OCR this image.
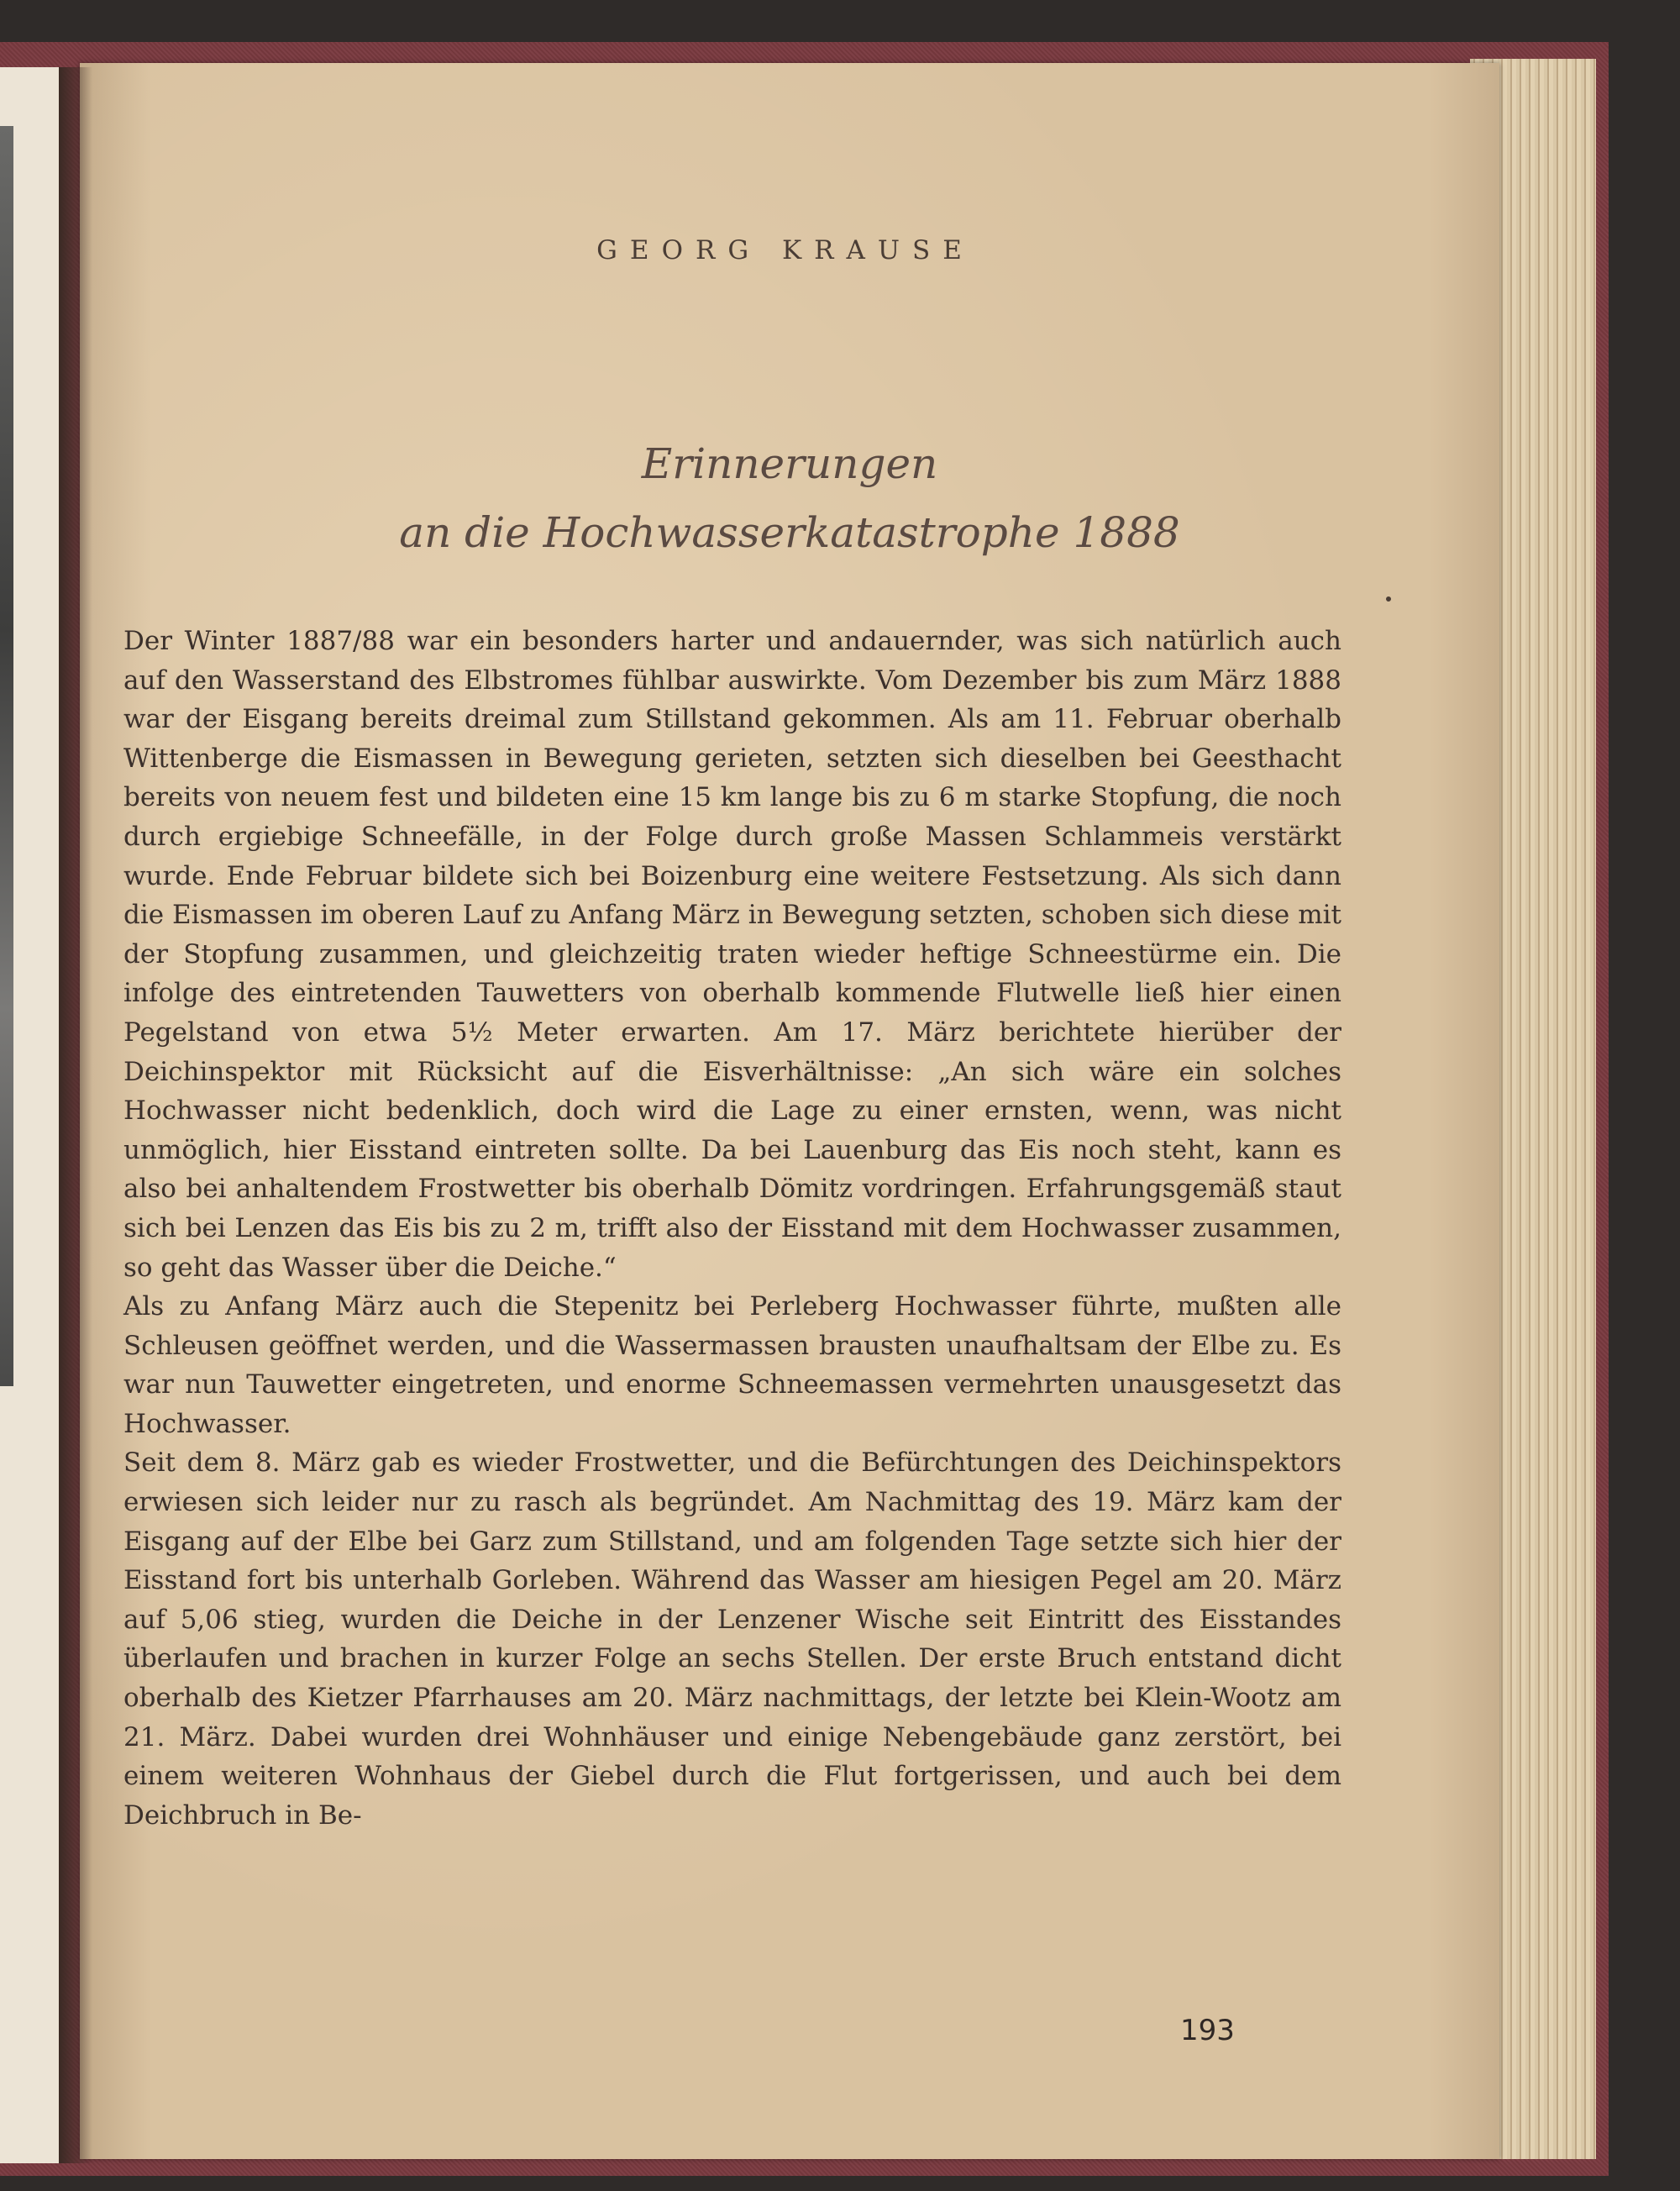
GEORG KRAUSE
Erinnerungen
an die Hochwasserkatastrophe 1888

Der Winter 1887/88 war ein besonders harter und andauernder, was sich natürlich auch auf den Wasserstand des Elbstromes fühlbar auswirkte. Vom Dezember bis zum März 1888 war der Eisgang bereits dreimal zum Stillstand gekommen. Als am 11. Februar oberhalb Wittenberge die Eismassen in Bewegung gerieten, setzten sich dieselben bei Geesthacht bereits von neuem fest und bildeten eine 15 km lange bis zu 6 m starke Stopfung, die noch durch ergiebige Schneefälle, in der Folge durch große Massen Schlammeis verstärkt wurde. Ende Februar bildete sich bei Boizenburg eine weitere Festsetzung. Als sich dann die Eismassen im oberen Lauf zu Anfang März in Bewegung setzten, schoben sich diese mit der Stopfung zusammen, und gleichzeitig traten wieder heftige Schneestürme ein. Die infolge des eintretenden Tauwetters von oberhalb kommende Flutwelle ließ hier einen Pegelstand von etwa 5½ Meter erwarten. Am 17. März berichtete hierüber der Deichinspektor mit Rücksicht auf die Eisverhältnisse: „An sich wäre ein solches Hochwasser nicht bedenklich, doch wird die Lage zu einer ernsten, wenn, was nicht unmöglich, hier Eisstand eintreten sollte. Da bei Lauenburg das Eis noch steht, kann es also bei anhaltendem Frostwetter bis oberhalb Dömitz vordringen. Erfahrungsgemäß staut sich bei Lenzen das Eis bis zu 2 m, trifft also der Eisstand mit dem Hochwasser zusammen, so geht das Wasser über die Deiche.“

Als zu Anfang März auch die Stepenitz bei Perleberg Hochwasser führte, mußten alle Schleusen geöffnet werden, und die Wassermassen brausten unaufhaltsam der Elbe zu. Es war nun Tauwetter eingetreten, und enorme Schneemassen vermehrten unausgesetzt das Hochwasser.

Seit dem 8. März gab es wieder Frostwetter, und die Befürchtungen des Deichinspektors erwiesen sich leider nur zu rasch als begründet. Am Nachmittag des 19. März kam der Eisgang auf der Elbe bei Garz zum Stillstand, und am folgenden Tage setzte sich hier der Eisstand fort bis unterhalb Gorleben. Während das Wasser am hiesigen Pegel am 20. März auf 5,06 stieg, wurden die Deiche in der Lenzener Wische seit Eintritt des Eisstandes überlaufen und brachen in kurzer Folge an sechs Stellen. Der erste Bruch entstand dicht oberhalb des Kietzer Pfarrhauses am 20. März nachmittags, der letzte bei Klein-Wootz am 21. März. Dabei wurden drei Wohnhäuser und einige Nebengebäude ganz zerstört, bei einem weiteren Wohnhaus der Giebel durch die Flut fortgerissen, und auch bei dem Deichbruch in Be-

193
